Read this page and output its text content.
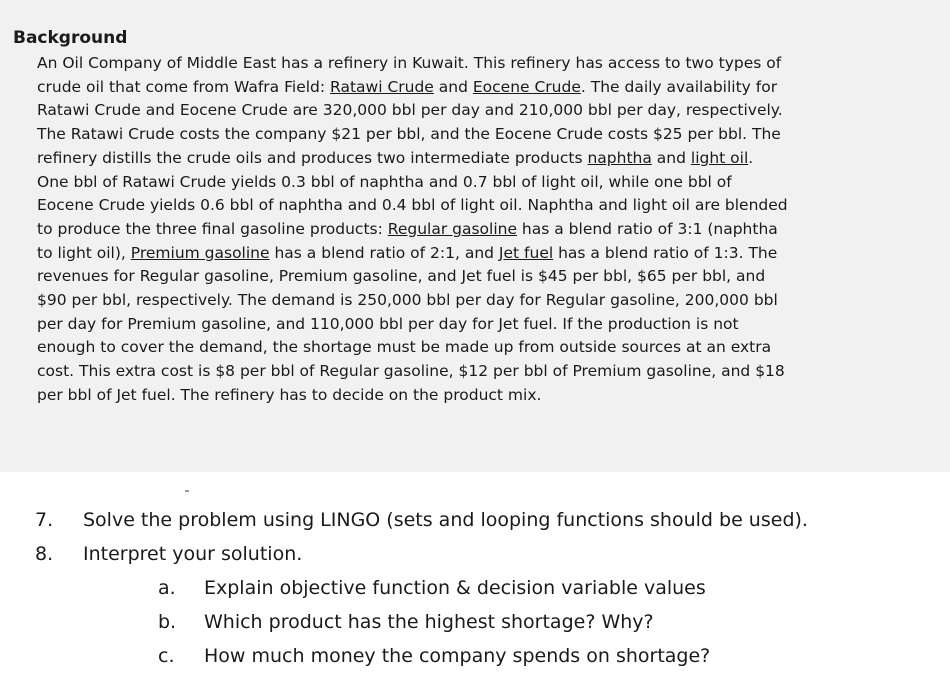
Background
An Oil Company of Middle East has a refinery in Kuwait. This refinery has access to two types of
crude oil that come from Wafra Field: Ratawi Crude and Eocene Crude. The daily availability for
Ratawi Crude and Eocene Crude are 320,000 bbl per day and 210,000 bbl per day, respectively.
The Ratawi Crude costs the company $21 per bbl, and the Eocene Crude costs $25 per bbl. The
refinery distills the crude oils and produces two intermediate products naphtha and light oil.
One bbl of Ratawi Crude yields 0.3 bbl of naphtha and 0.7 bbl of light oil, while one bbl of
Eocene Crude yields 0.6 bbl of naphtha and 0.4 bbl of light oil. Naphtha and light oil are blended
to produce the three final gasoline products: Regular gasoline has a blend ratio of 3:1 (naphtha
to light oil), Premium gasoline has a blend ratio of 2:1, and Jet fuel has a blend ratio of 1:3. The
revenues for Regular gasoline, Premium gasoline, and Jet fuel is $45 per bbl, $65 per bbl, and
$90 per bbl, respectively. The demand is 250,000 bbl per day for Regular gasoline, 200,000 bbl
per day for Premium gasoline, and 110,000 bbl per day for Jet fuel. If the production is not
enough to cover the demand, the shortage must be made up from outside sources at an extra
cost. This extra cost is $8 per bbl of Regular gasoline, $12 per bbl of Premium gasoline, and $18
per bbl of Jet fuel. The refinery has to decide on the product mix.
7.	Solve the problem using LINGO (sets and looping functions should be used).
8.	Interpret your solution.
a.	Explain objective function & decision variable values
b.	Which product has the highest shortage? Why?
c.	How much money the company spends on shortage?
